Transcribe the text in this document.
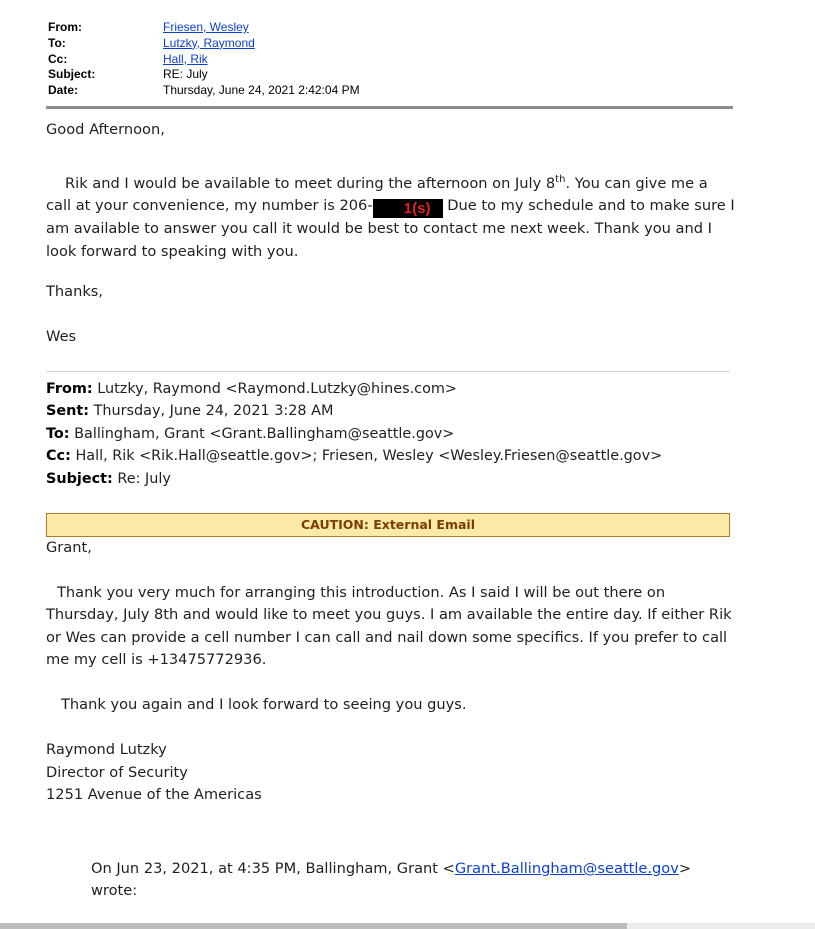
From:	Friesen, Wesley
To:	Lutzky, Raymond
Cc:	Hall, Rik
Subject:	RE: July
Date:	Thursday, June 24, 2021 2:42:04 PM
Good Afternoon,
Rik and I would be available to meet during the afternoon on July 8th. You can give me a call at your convenience, my number is 206- 1(s) Due to my schedule and to make sure I am available to answer you call it would be best to contact me next week. Thank you and I look forward to speaking with you.
Thanks,
Wes
From: Lutzky, Raymond <Raymond.Lutzky@hines.com>
Sent: Thursday, June 24, 2021 3:28 AM
To: Ballingham, Grant <Grant.Ballingham@seattle.gov>
Cc: Hall, Rik <Rik.Hall@seattle.gov>; Friesen, Wesley <Wesley.Friesen@seattle.gov>
Subject: Re: July
CAUTION: External Email
Grant,
Thank you very much for arranging this introduction. As I said I will be out there on Thursday, July 8th and would like to meet you guys. I am available the entire day. If either Rik or Wes can provide a cell number I can call and nail down some specifics. If you prefer to call me my cell is +13475772936.
Thank you again and I look forward to seeing you guys.
Raymond Lutzky
Director of Security
1251 Avenue of the Americas
On Jun 23, 2021, at 4:35 PM, Ballingham, Grant <Grant.Ballingham@seattle.gov>
wrote:
